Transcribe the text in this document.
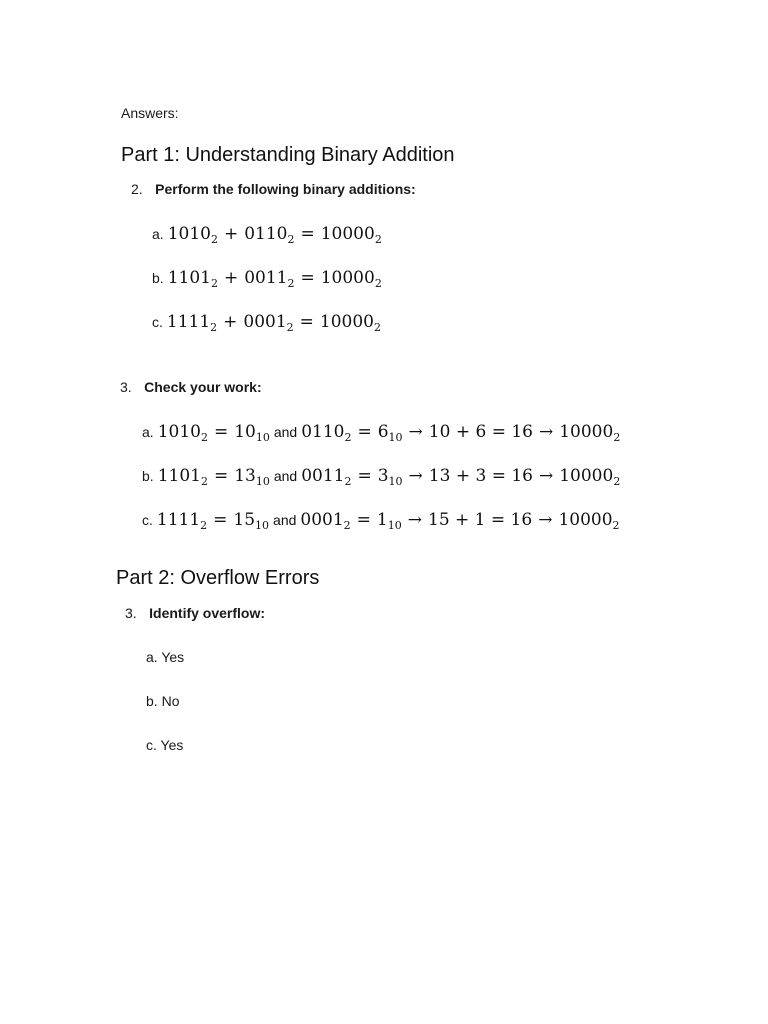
Answers:
Part 1: Understanding Binary Addition
2. Perform the following binary additions:
a. $1010_2 + 0110_2 = 10000_2$
b. $1101_2 + 0011_2 = 10000_2$
c. $1111_2 + 0001_2 = 10000_2$
3. Check your work:
a. $1010_2 = 10_{10}$ and $0110_2 = 6_{10} \to 10 + 6 = 16 \to 10000_2$
b. $1101_2 = 13_{10}$ and $0011_2 = 3_{10} \to 13 + 3 = 16 \to 10000_2$
c. $1111_2 = 15_{10}$ and $0001_2 = 1_{10} \to 15 + 1 = 16 \to 10000_2$
Part 2: Overflow Errors
3. Identify overflow:
a. Yes
b. No
c. Yes
